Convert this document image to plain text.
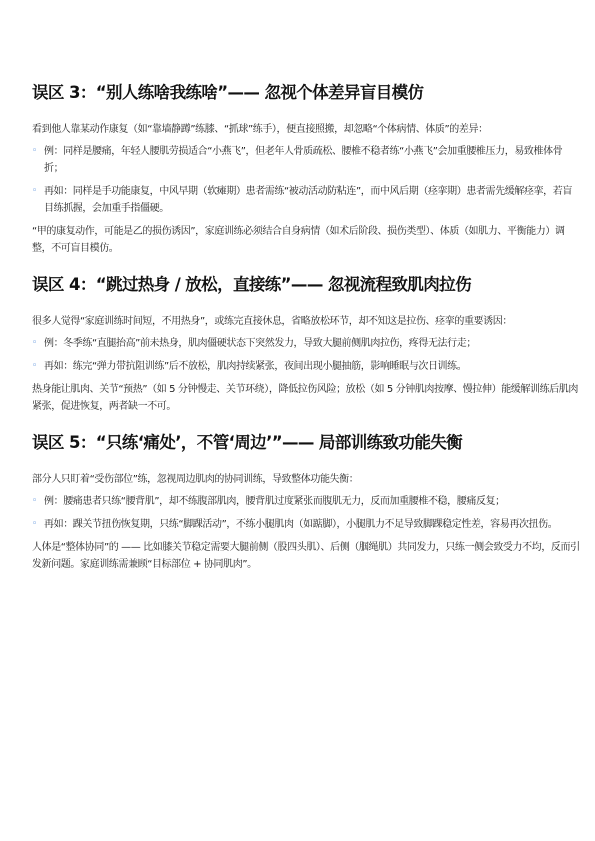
误区 3：“别人练啥我练啥”—— 忽视个体差异盲目模仿

看到他人靠某动作康复（如“靠墙静蹲”练膝、“抓球”练手），便直接照搬，却忽略“个体病情、体质”的差异：

◦ 例：同样是腰痛，年轻人腰肌劳损适合“小燕飞”，但老年人骨质疏松、腰椎不稳者练“小燕飞”会加重腰椎压力，易致椎体骨折；
◦ 再如：同样是手功能康复，中风早期（软瘫期）患者需练“被动活动防粘连”，而中风后期（痉挛期）患者需先缓解痉挛，若盲目练抓握，会加重手指僵硬。

“甲的康复动作，可能是乙的损伤诱因”，家庭训练必须结合自身病情（如术后阶段、损伤类型）、体质（如肌力、平衡能力）调整，不可盲目模仿。

误区 4：“跳过热身 / 放松，直接练”—— 忽视流程致肌肉拉伤

很多人觉得“家庭训练时间短，不用热身”，或练完直接休息，省略放松环节，却不知这是拉伤、痉挛的重要诱因：

◦ 例：冬季练“直腿抬高”前未热身，肌肉僵硬状态下突然发力，导致大腿前侧肌肉拉伤，疼得无法行走；
◦ 再如：练完“弹力带抗阻训练”后不放松，肌肉持续紧张，夜间出现小腿抽筋，影响睡眠与次日训练。

热身能让肌肉、关节“预热”（如 5 分钟慢走、关节环绕），降低拉伤风险；放松（如 5 分钟肌肉按摩、慢拉伸）能缓解训练后肌肉紧张，促进恢复，两者缺一不可。

误区 5：“只练‘痛处’，不管‘周边’”—— 局部训练致功能失衡

部分人只盯着“受伤部位”练，忽视周边肌肉的协同训练，导致整体功能失衡：

◦ 例：腰痛患者只练“腰背肌”，却不练腹部肌肉，腰背肌过度紧张而腹肌无力，反而加重腰椎不稳，腰痛反复；
◦ 再如：踝关节扭伤恢复期，只练“脚踝活动”，不练小腿肌肉（如踮脚），小腿肌力不足导致脚踝稳定性差，容易再次扭伤。

人体是“整体协同”的 —— 比如膝关节稳定需要大腿前侧（股四头肌）、后侧（腘绳肌）共同发力，只练一侧会致受力不均，反而引发新问题。家庭训练需兼顾“目标部位 + 协同肌肉”。
